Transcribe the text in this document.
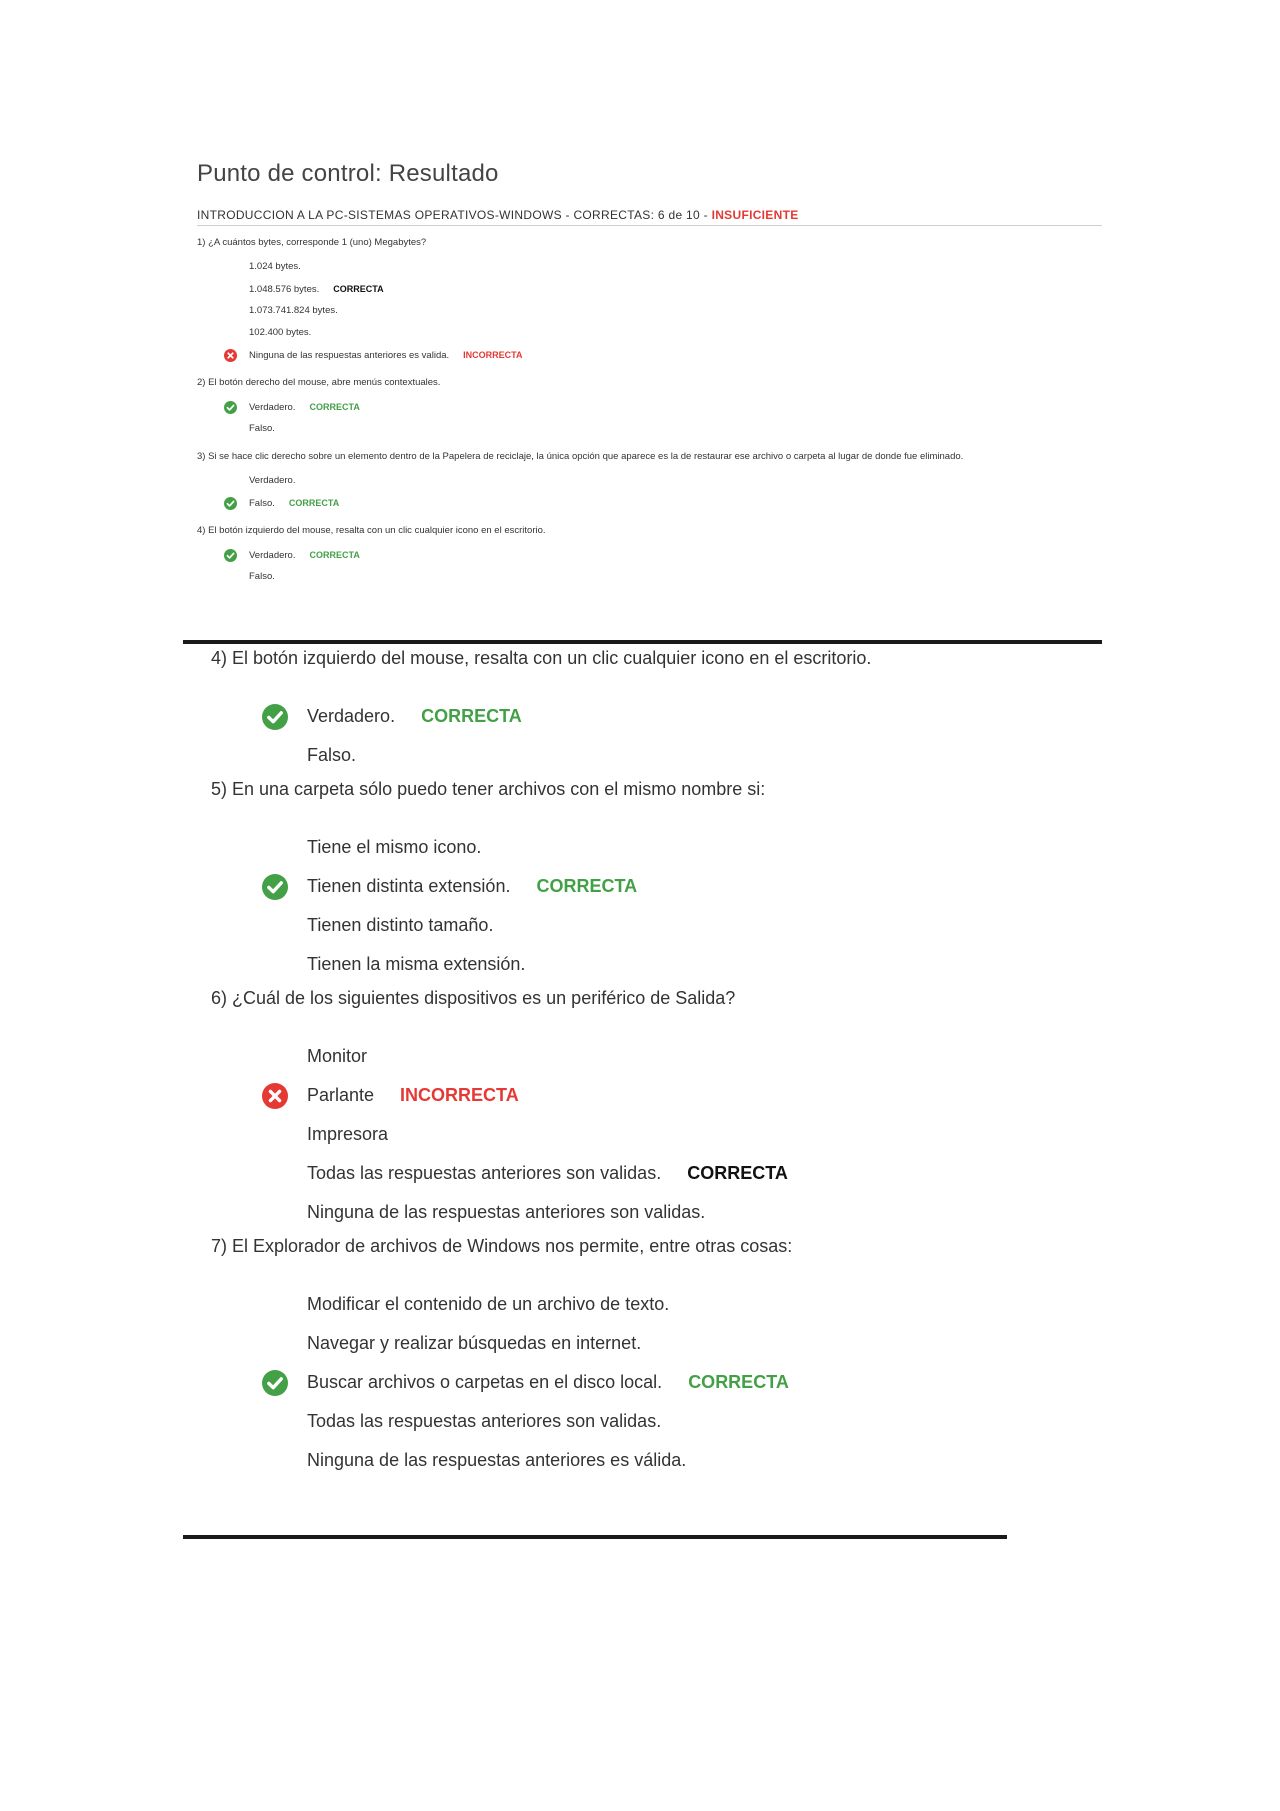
Punto de control: Resultado
INTRODUCCION A LA PC-SISTEMAS OPERATIVOS-WINDOWS - CORRECTAS: 6 de 10 - INSUFICIENTE
1) ¿A cuántos bytes, corresponde 1 (uno) Megabytes?
1.024 bytes.
1.048.576 bytes. CORRECTA
1.073.741.824 bytes.
102.400 bytes.
Ninguna de las respuestas anteriores es valida. INCORRECTA
2) El botón derecho del mouse, abre menús contextuales.
Verdadero. CORRECTA
Falso.
3) Si se hace clic derecho sobre un elemento dentro de la Papelera de reciclaje, la única opción que aparece es la de restaurar ese archivo o carpeta al lugar de donde fue eliminado.
Verdadero.
Falso. CORRECTA
4) El botón izquierdo del mouse, resalta con un clic cualquier icono en el escritorio.
Verdadero. CORRECTA
Falso.
4) El botón izquierdo del mouse, resalta con un clic cualquier icono en el escritorio.
Verdadero. CORRECTA
Falso.
5) En una carpeta sólo puedo tener archivos con el mismo nombre si:
Tiene el mismo icono.
Tienen distinta extensión. CORRECTA
Tienen distinto tamaño.
Tienen la misma extensión.
6) ¿Cuál de los siguientes dispositivos es un periférico de Salida?
Monitor
Parlante INCORRECTA
Impresora
Todas las respuestas anteriores son validas. CORRECTA
Ninguna de las respuestas anteriores son validas.
7) El Explorador de archivos de Windows nos permite, entre otras cosas:
Modificar el contenido de un archivo de texto.
Navegar y realizar búsquedas en internet.
Buscar archivos o carpetas en el disco local. CORRECTA
Todas las respuestas anteriores son validas.
Ninguna de las respuestas anteriores es válida.
